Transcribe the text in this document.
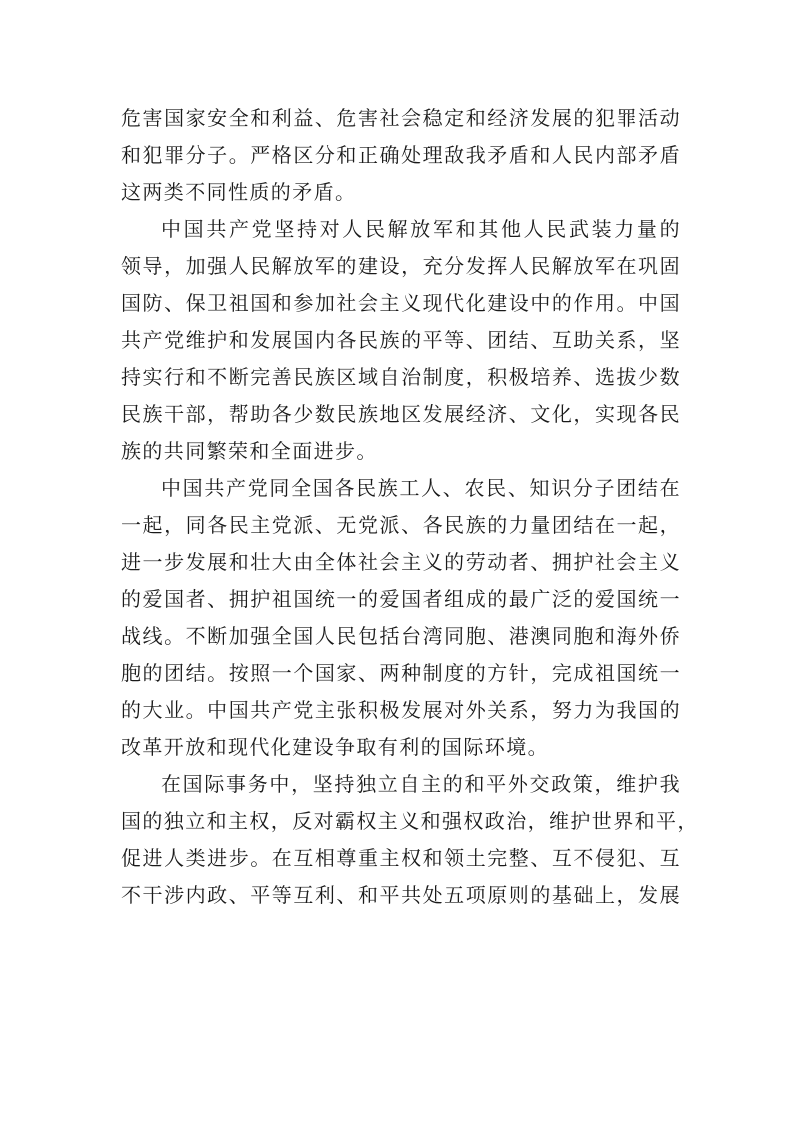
危害国家安全和利益、危害社会稳定和经济发展的犯罪活动
和犯罪分子。严格区分和正确处理敌我矛盾和人民内部矛盾
这两类不同性质的矛盾。
中国共产党坚持对人民解放军和其他人民武装力量的
领导，加强人民解放军的建设，充分发挥人民解放军在巩固
国防、保卫祖国和参加社会主义现代化建设中的作用。中国
共产党维护和发展国内各民族的平等、团结、互助关系，坚
持实行和不断完善民族区域自治制度，积极培养、选拔少数
民族干部，帮助各少数民族地区发展经济、文化，实现各民
族的共同繁荣和全面进步。
中国共产党同全国各民族工人、农民、知识分子团结在
一起，同各民主党派、无党派、各民族的力量团结在一起，
进一步发展和壮大由全体社会主义的劳动者、拥护社会主义
的爱国者、拥护祖国统一的爱国者组成的最广泛的爱国统一
战线。不断加强全国人民包括台湾同胞、港澳同胞和海外侨
胞的团结。按照一个国家、两种制度的方针，完成祖国统一
的大业。中国共产党主张积极发展对外关系，努力为我国的
改革开放和现代化建设争取有利的国际环境。
在国际事务中，坚持独立自主的和平外交政策，维护我
国的独立和主权，反对霸权主义和强权政治，维护世界和平，
促进人类进步。在互相尊重主权和领土完整、互不侵犯、互
不干涉内政、平等互利、和平共处五项原则的基础上，发展
